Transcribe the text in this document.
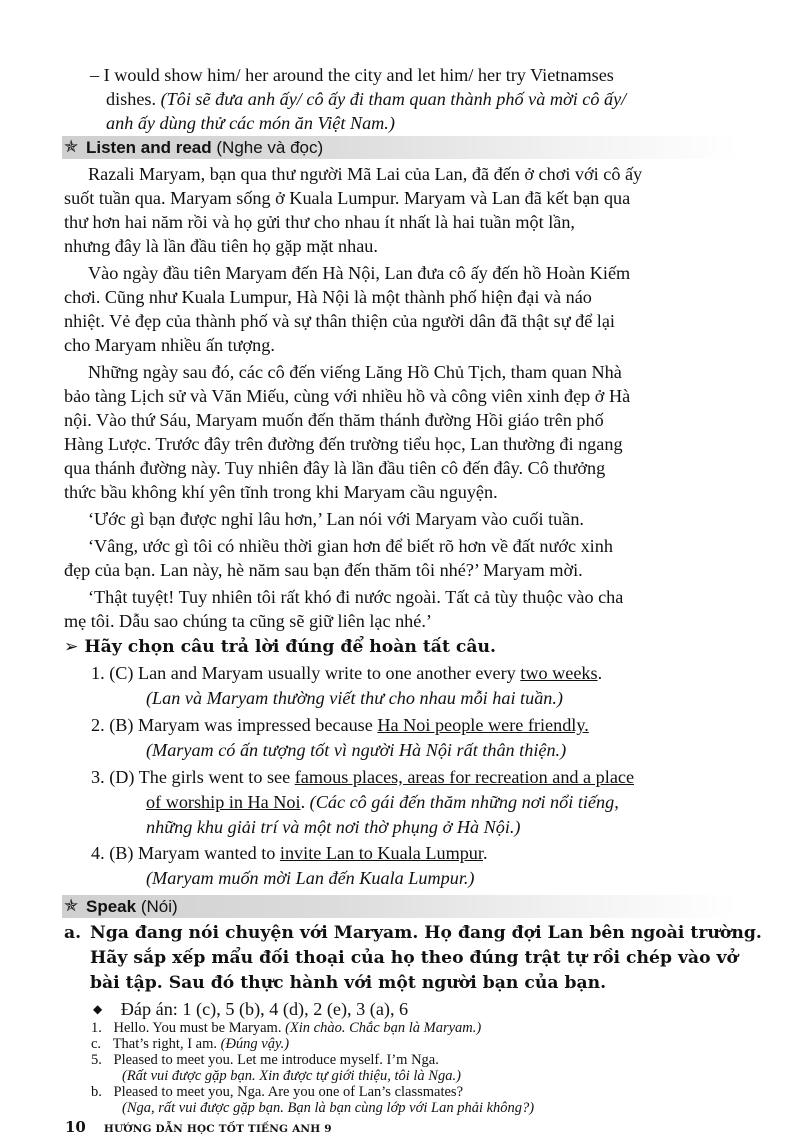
– I would show him/ her around the city and let him/ her try Vietnamses
dishes. (Tôi sẽ đưa anh ấy/ cô ấy đi tham quan thành phố và mời cô ấy/
anh ấy dùng thử các món ăn Việt Nam.)
✯ Listen and read (Nghe và đọc)
Razali Maryam, bạn qua thư người Mã Lai của Lan, đã đến ở chơi với cô ấy
suốt tuần qua. Maryam sống ở Kuala Lumpur. Maryam và Lan đã kết bạn qua
thư hơn hai năm rồi và họ gửi thư cho nhau ít nhất là hai tuần một lần,
nhưng đây là lần đầu tiên họ gặp mặt nhau.
Vào ngày đầu tiên Maryam đến Hà Nội, Lan đưa cô ấy đến hồ Hoàn Kiếm
chơi. Cũng như Kuala Lumpur, Hà Nội là một thành phố hiện đại và náo
nhiệt. Vẻ đẹp của thành phố và sự thân thiện của người dân đã thật sự để lại
cho Maryam nhiều ấn tượng.
Những ngày sau đó, các cô đến viếng Lăng Hồ Chủ Tịch, tham quan Nhà
bảo tàng Lịch sử và Văn Miếu, cùng với nhiều hồ và công viên xinh đẹp ở Hà
nội. Vào thứ Sáu, Maryam muốn đến thăm thánh đường Hồi giáo trên phố
Hàng Lược. Trước đây trên đường đến trường tiểu học, Lan thường đi ngang
qua thánh đường này. Tuy nhiên đây là lần đầu tiên cô đến đây. Cô thưởng
thức bầu không khí yên tĩnh trong khi Maryam cầu nguyện.
‘Ước gì bạn được nghỉ lâu hơn,’ Lan nói với Maryam vào cuối tuần.
‘Vâng, ước gì tôi có nhiều thời gian hơn để biết rõ hơn về đất nước xinh
đẹp của bạn. Lan này, hè năm sau bạn đến thăm tôi nhé?’ Maryam mời.
‘Thật tuyệt! Tuy nhiên tôi rất khó đi nước ngoài. Tất cả tùy thuộc vào cha
mẹ tôi. Dẫu sao chúng ta cũng sẽ giữ liên lạc nhé.’
➢ Hãy chọn câu trả lời đúng để hoàn tất câu.
1. (C) Lan and Maryam usually write to one another every two weeks.
(Lan và Maryam thường viết thư cho nhau mỗi hai tuần.)
2. (B) Maryam was impressed because Ha Noi people were friendly.
(Maryam có ấn tượng tốt vì người Hà Nội rất thân thiện.)
3. (D) The girls went to see famous places, areas for recreation and a place
of worship in Ha Noi. (Các cô gái đến thăm những nơi nổi tiếng,
những khu giải trí và một nơi thờ phụng ở Hà Nội.)
4. (B) Maryam wanted to invite Lan to Kuala Lumpur.
(Maryam muốn mời Lan đến Kuala Lumpur.)
✯ Speak (Nói)
a. Nga đang nói chuyện với Maryam. Họ đang đợi Lan bên ngoài trường.
Hãy sắp xếp mẩu đối thoại của họ theo đúng trật tự rồi chép vào vở
bài tập. Sau đó thực hành với một người bạn của bạn.
◆ Đáp án: 1 (c), 5 (b), 4 (d), 2 (e), 3 (a), 6
1. Hello. You must be Maryam. (Xin chào. Chắc bạn là Maryam.)
10 HƯỚNG DẪN HỌC TỐT TIẾNG ANH 9
c. That’s right, I am. (Đúng vậy.)
5. Pleased to meet you. Let me introduce myself. I’m Nga.
(Rất vui được gặp bạn. Xin được tự giới thiệu, tôi là Nga.)
b. Pleased to meet you, Nga. Are you one of Lan’s classmates?
(Nga, rất vui được gặp bạn. Bạn là bạn cùng lớp với Lan phải không?)
